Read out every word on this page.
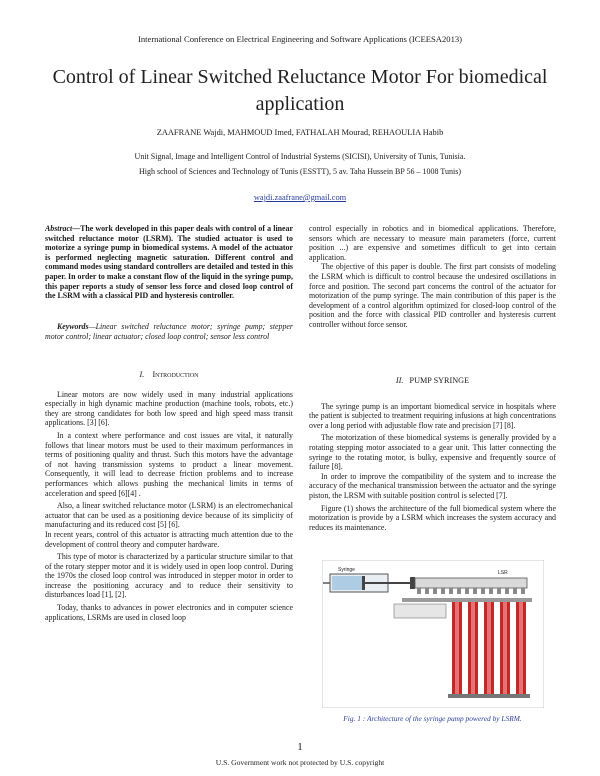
International Conference on Electrical Engineering and Software Applications (ICEESA2013)
Control of Linear Switched Reluctance Motor For biomedical application
ZAAFRANE Wajdi, MAHMOUD Imed, FATHALAH Mourad, REHAOULIA Habib
Unit Signal, Image and Intelligent Control of Industrial Systems (SICISI), University of Tunis, Tunisia.
High school of Sciences and Technology of Tunis (ESSTT), 5 av. Taha Hussein BP 56 – 1008 Tunis)
wajdi.zaafrane@gmail.com
Abstract—The work developed in this paper deals with control of a linear switched reluctance motor (LSRM). The studied actuator is used to motorize a syringe pump in biomedical systems. A model of the actuator is performed neglecting magnetic saturation. Different control and command modes using standard controllers are detailed and tested in this paper. In order to make a constant flow of the liquid in the syringe pump, this paper reports a study of sensor less force and closed loop control of the LSRM with a classical PID and hysteresis controller.
Keywords—Linear switched reluctance motor; syringe pump; stepper motor control; linear actuator; closed loop control; sensor less control
I. Introduction

Linear motors are now widely used in many industrial applications especially in high dynamic machine production (machine tools, robots, etc.) they are strong candidates for both low speed and high speed mass transit applications. [3] [6].

In a context where performance and cost issues are vital, it naturally follows that linear motors must be used to their maximum performances in terms of positioning quality and thrust. Such this motors have the advantage of not having transmission systems to product a linear movement. Consequently, it will lead to decrease friction problems and to increase performances which allows pushing the mechanical limits in terms of acceleration and speed [6][4] .

Also, a linear switched reluctance motor (LSRM) is an electromechanical actuator that can be used as a positioning device because of its simplicity of manufacturing and its reduced cost [5] [6].

In recent years, control of this actuator is attracting much attention due to the development of control theory and computer hardware.

This type of motor is characterized by a particular structure similar to that of the rotary stepper motor and it is widely used in open loop control. During the 1970s the closed loop control was introduced in stepper motor in order to increase the positioning accuracy and to reduce their sensitivity to disturbances load [1], [2].

Today, thanks to advances in power electronics and in computer science applications, LSRMs are used in closed loop

control especially in robotics and in biomedical applications. Therefore, sensors which are necessary to measure main parameters (force, current position ...) are expensive and sometimes difficult to get into certain application.

The objective of this paper is double. The first part consists of modeling the LSRM which is difficult to control because the undesired oscillations in force and position. The second part concerns the control of the actuator for motorization of the pump syringe. The main contribution of this paper is the development of a control algorithm optimized for closed-loop control of the position and the force with classical PID controller and hysteresis current controller without force sensor.

II. PUMP SYRINGE

The syringe pump is an important biomedical service in hospitals where the patient is subjected to treatment requiring infusions at high concentrations over a long period with adjustable flow rate and precision [7] [8].

The motorization of these biomedical systems is generally provided by a rotating stepping motor associated to a gear unit. This latter connecting the syringe to the rotating motor, is bulky, expensive and frequently source of failure [8].

In order to improve the compatibility of the system and to increase the accuracy of the mechanical transmission between the actuator and the syringe piston, the LRSM with suitable position control is selected [7].

Figure (1) shows the architecture of the full biomedical system where the motorization is provide by a LSRM which increases the system accuracy and reduces its maintenance.

Syringe	LSR
Fig. 1 : Architecture of the syringe pump powered by LSRM.
1
U.S. Government work not protected by U.S. copyright
